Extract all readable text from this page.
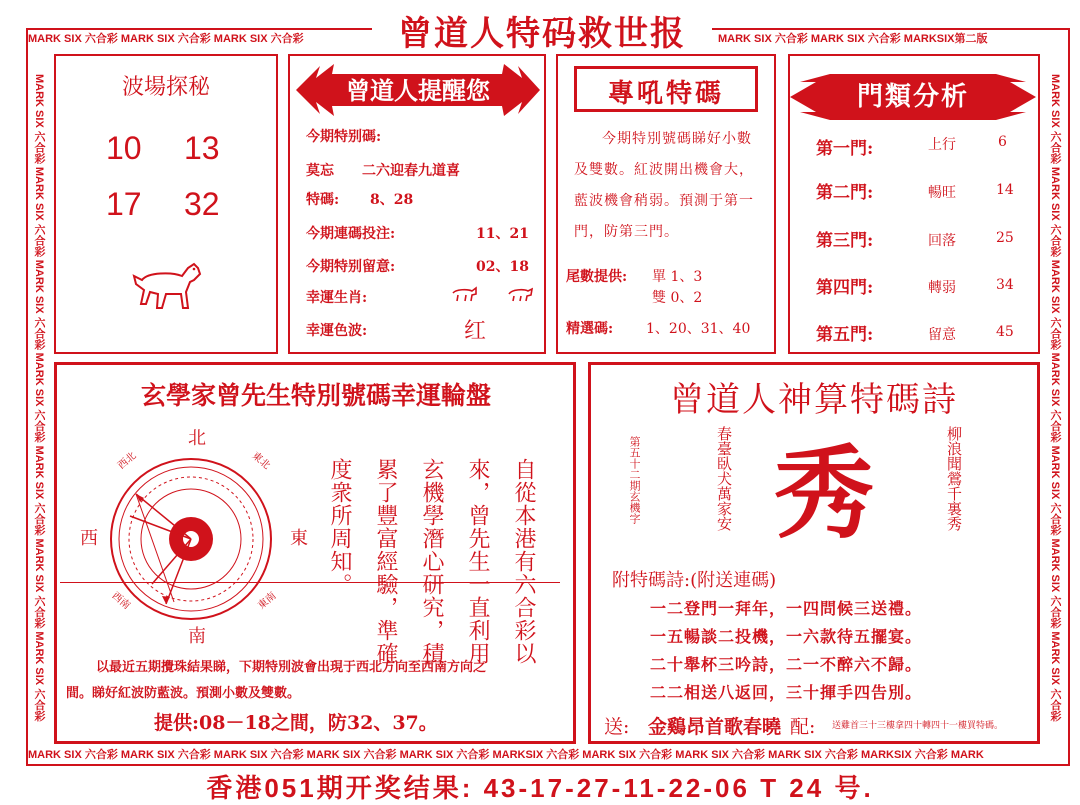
MARK SIX 六合彩 MARK SIX 六合彩 MARK SIX 六合彩	MARK SIX 六合彩 MARK SIX 六合彩 MARKSIX第二版
MARK SIX 六合彩 MARK SIX 六合彩 MARK SIX 六合彩 MARK SIX 六合彩 MARK SIX 六合彩 MARKSIX 六合彩 MARK SIX 六合彩 MARK SIX 六合彩 MARK SIX 六合彩 MARKSIX 六合彩 MARK
MARK SIX 六合彩 MARK SIX 六合彩 MARK SIX 六合彩 MARK SIX 六合彩 MARK SIX 六合彩 MARK SIX 六合彩 MARK SIX 六合彩	MARK SIX 六合彩 MARK SIX 六合彩 MARK SIX 六合彩 MARK SIX 六合彩 MARK SIX 六合彩 MARK SIX 六合彩 MARK SIX 六合彩
曾道人特码救世报
波場探秘
10 13
17 32
曾道人提醒您
今期特别碼:
莫忘 二六迎春九道喜
特碼: 8、28
今期連碼投注:	11、21
今期特别留意:	02、18
幸運生肖:
幸運色波:	红
專吼特碼
今期特別號碼睇好小數及雙數。紅波開出機會大，藍波機會稍弱。預測于第一門，防第三門。
尾數提供: 單 1、3
雙 0、2
精選碼: 1、20、31、40
門類分析
第一門:	上行	6
第二門:	暢旺	14
第三門:	回落	25
第四門:	轉弱	34
第五門:	留意	45
玄學家曾先生特別號碼幸運輪盤
北
南
西	東
西北	東北
西南	東南	自從本港有六合彩以
來，曾先生一直利用
玄機學潛心研究，積
累了豐富經驗，準確
度衆所周知。
以最近五期攪珠結果睇，下期特別波會出現于西北方向至西南方向之
間。睇好紅波防藍波。預測小數及雙數。
提供:08－18之間，防32、37。
曾道人神算特碼詩
柳浪聞鶯千裏秀
春臺臥犬萬家安
第五十二期玄機字 秀
附特碼詩:(附送連碼)
一二登門一拜年，一四問候三送禮。
一五暢談二投機，一六款待五擺宴。
二十舉杯三吟詩，二一不醉六不歸。
二二相送八返回，三十揮手四告別。
送: 金鷄昂首歌春曉 配: 送雞首三十三樓拿四十轉四十一樓買特碼。
香港051期开奖结果: 43-17-27-11-22-06 T 24 号.
